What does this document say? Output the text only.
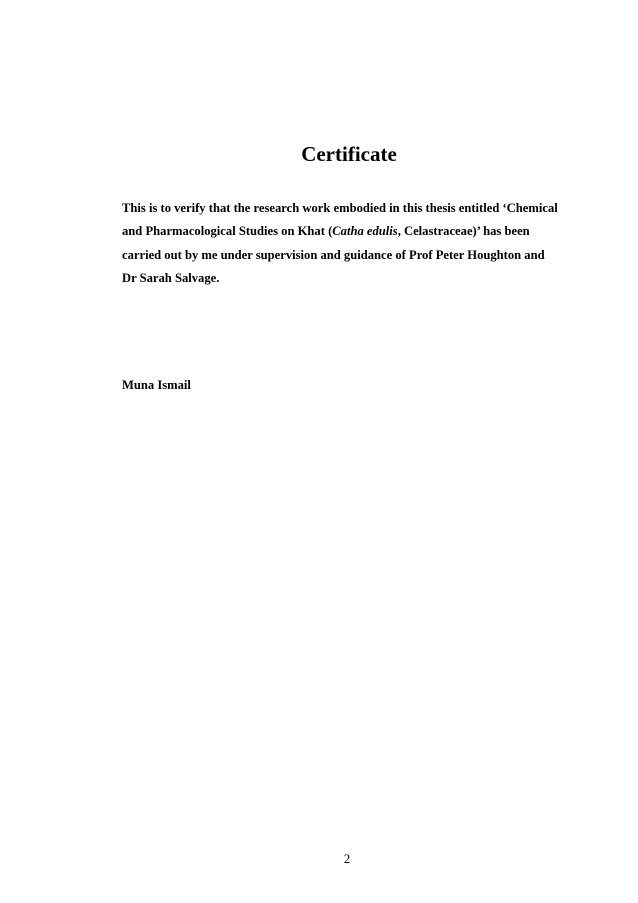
Certificate

This is to verify that the research work embodied in this thesis entitled ‘Chemical
and Pharmacological Studies on Khat (Catha edulis, Celastraceae)’ has been
carried out by me under supervision and guidance of Prof Peter Houghton and
Dr Sarah Salvage.

Muna Ismail

2
